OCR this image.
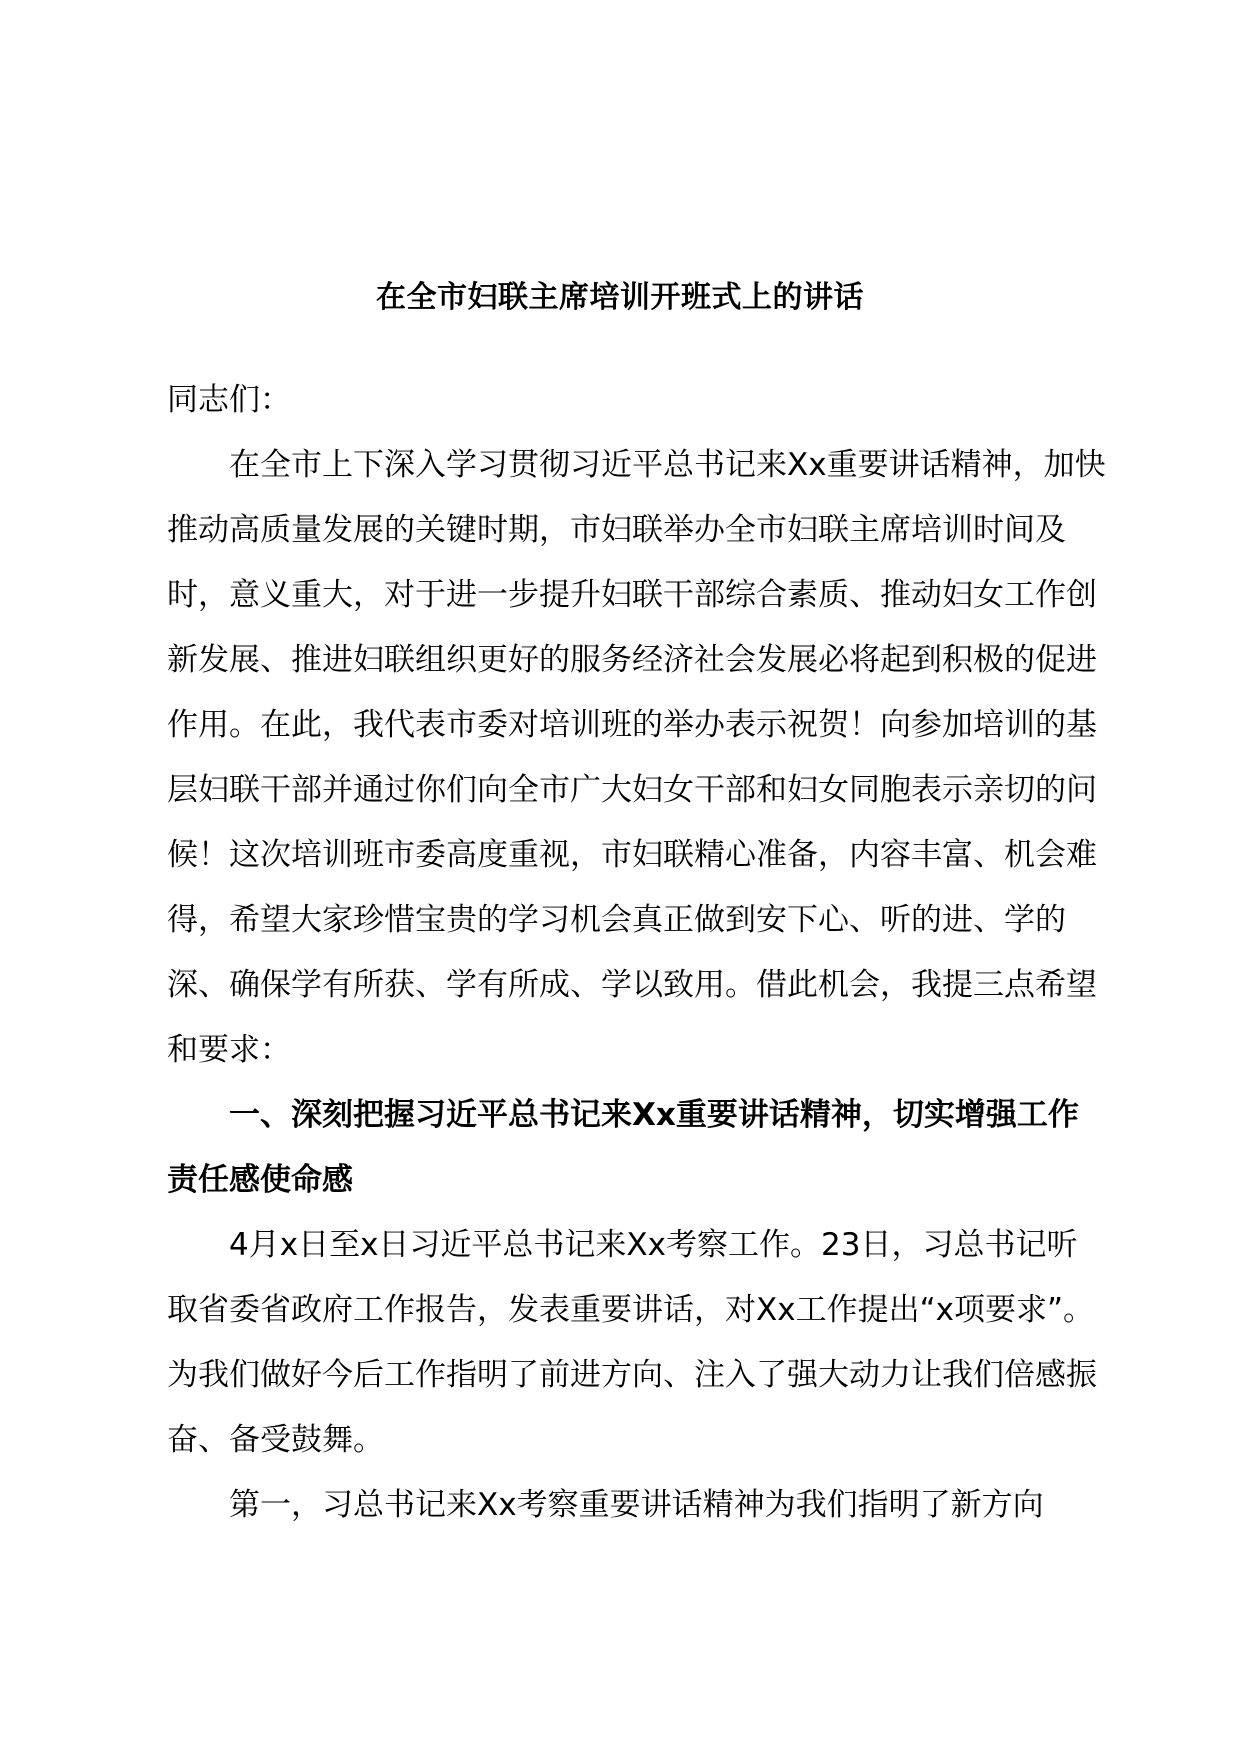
在全市妇联主席培训开班式上的讲话

同志们：

在全市上下深入学习贯彻习近平总书记来Xx重要讲话精神，加快推动高质量发展的关键时期，市妇联举办全市妇联主席培训时间及时，意义重大，对于进一步提升妇联干部综合素质、推动妇女工作创新发展、推进妇联组织更好的服务经济社会发展必将起到积极的促进作用。在此，我代表市委对培训班的举办表示祝贺！向参加培训的基层妇联干部并通过你们向全市广大妇女干部和妇女同胞表示亲切的问候！这次培训班市委高度重视，市妇联精心准备，内容丰富、机会难得，希望大家珍惜宝贵的学习机会真正做到安下心、听的进、学的深、确保学有所获、学有所成、学以致用。借此机会，我提三点希望和要求：

一、深刻把握习近平总书记来Xx重要讲话精神，切实增强工作责任感使命感

4月x日至x日习近平总书记来Xx考察工作。23日，习总书记听取省委省政府工作报告，发表重要讲话，对Xx工作提出“x项要求”。为我们做好今后工作指明了前进方向、注入了强大动力让我们倍感振奋、备受鼓舞。

第一，习总书记来Xx考察重要讲话精神为我们指明了新方向
